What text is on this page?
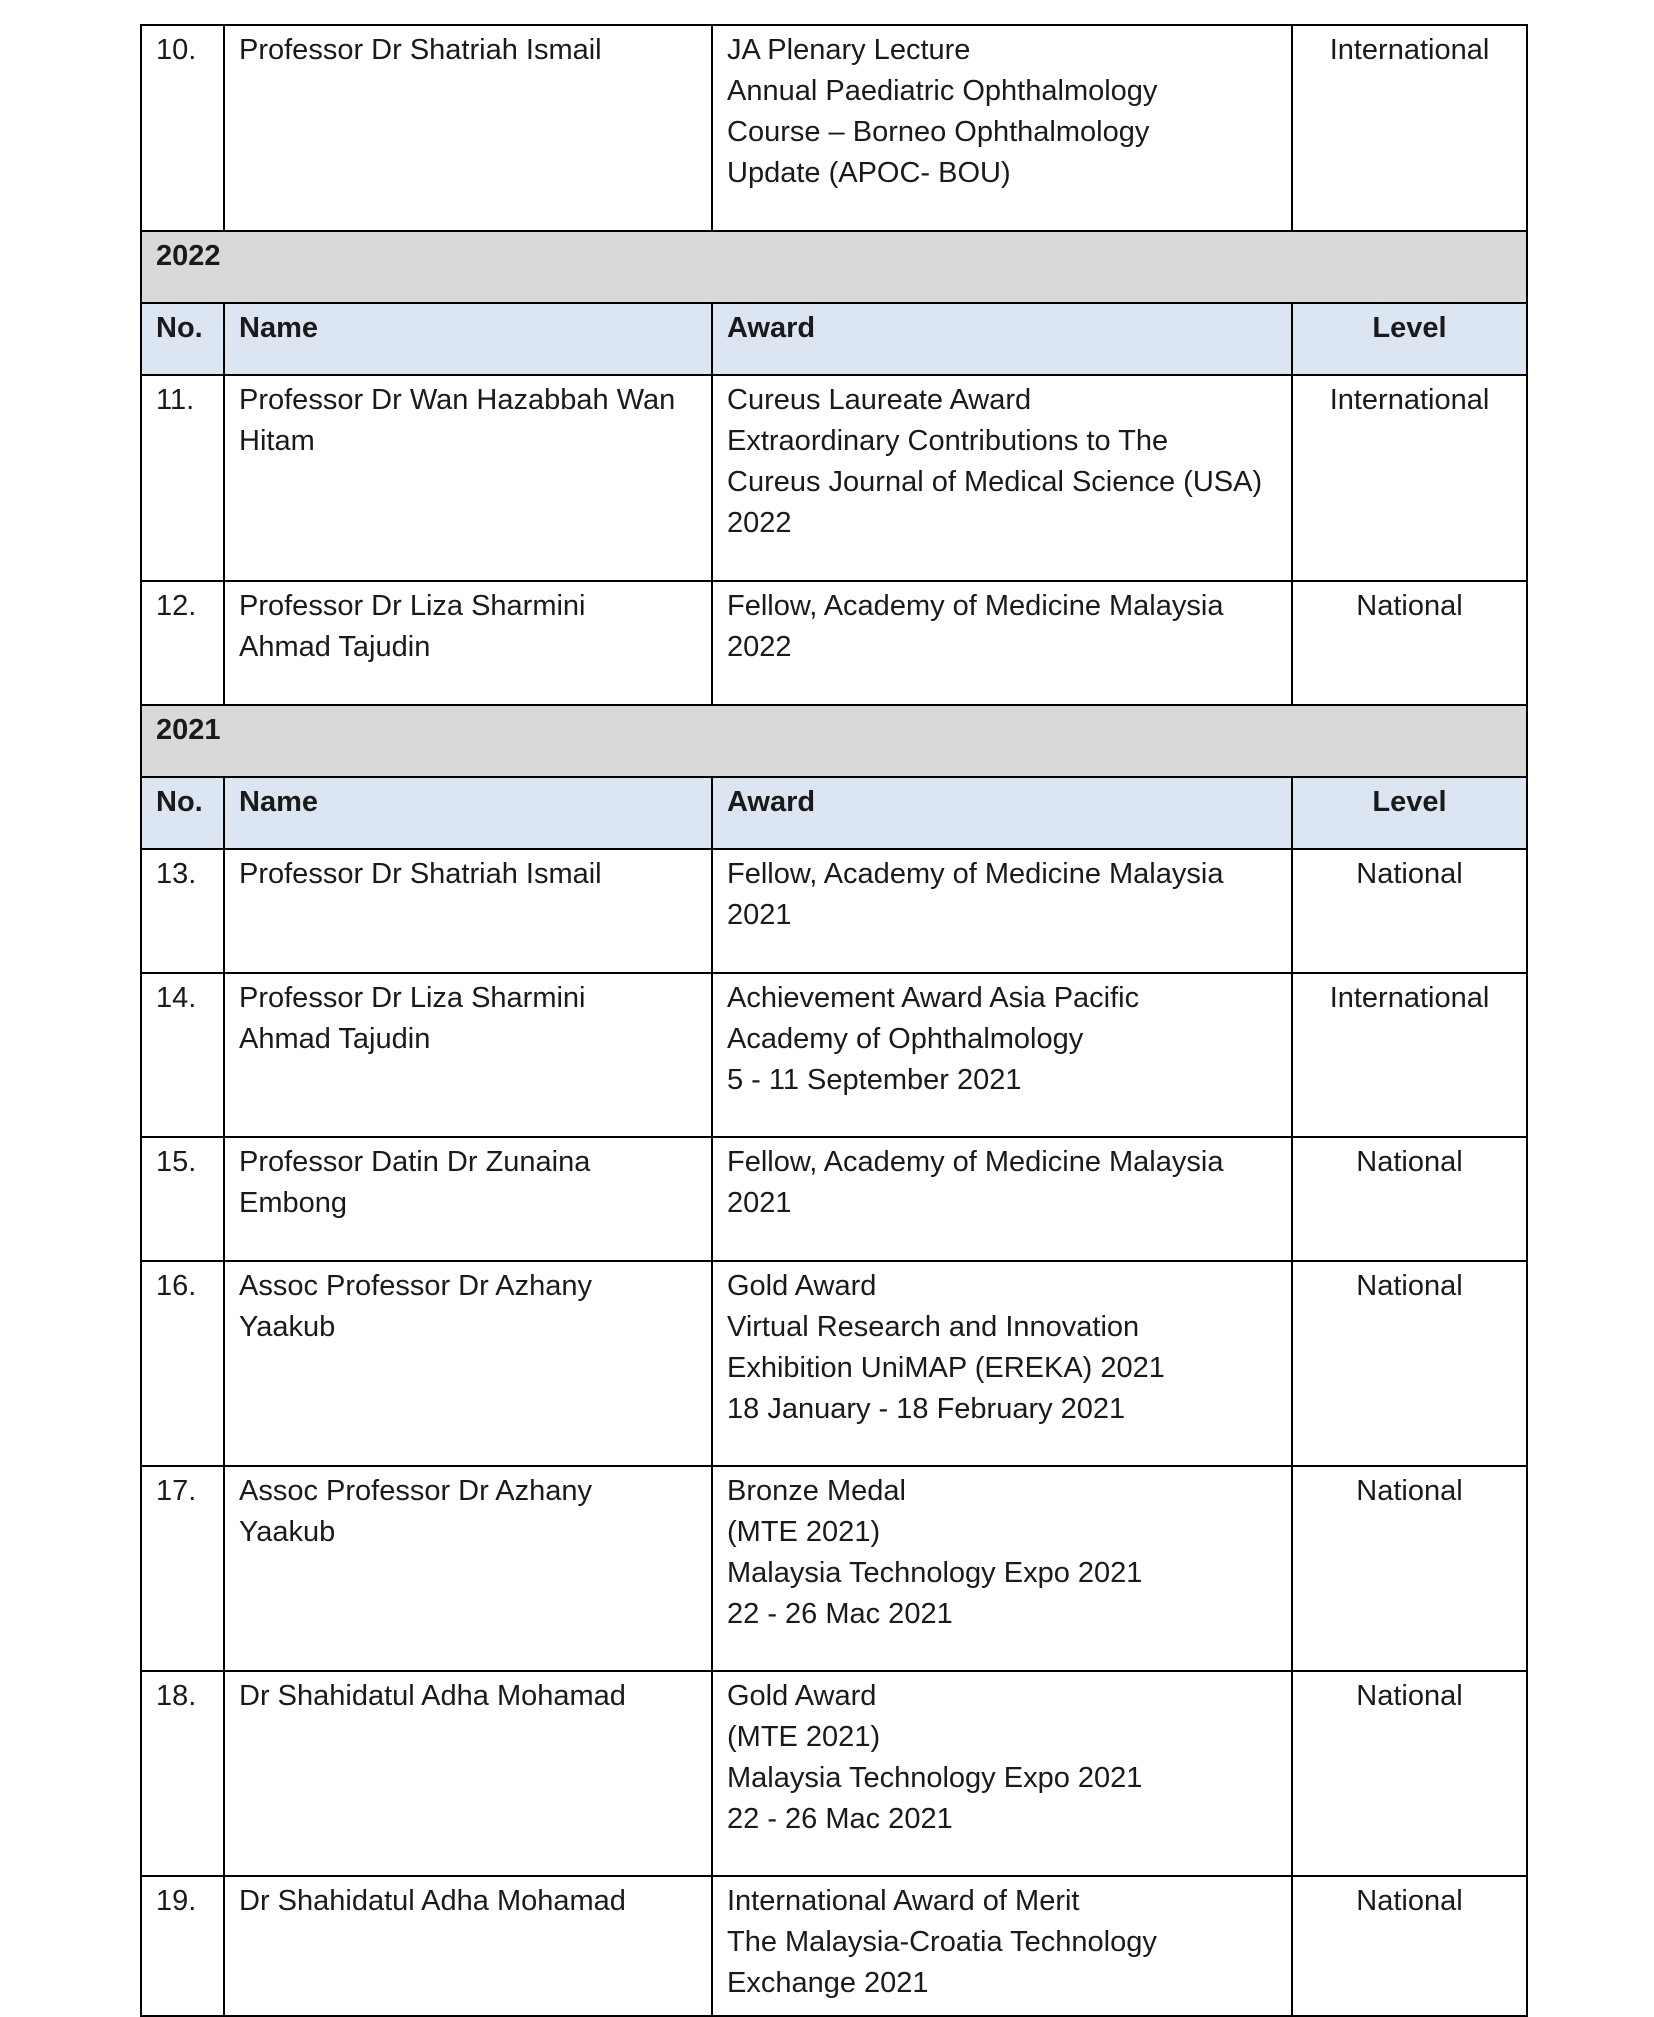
10.	Professor Dr Shatriah Ismail	JA Plenary Lecture
Annual Paediatric Ophthalmology
Course – Borneo Ophthalmology
Update (APOC- BOU)	International
2022			
No.	Name	Award	Level
11.	Professor Dr Wan Hazabbah Wan
Hitam	Cureus Laureate Award
Extraordinary Contributions to The
Cureus Journal of Medical Science (USA)
2022	International
12.	Professor Dr Liza Sharmini
Ahmad Tajudin	Fellow, Academy of Medicine Malaysia
2022	National
2021			
No.	Name	Award	Level
13.	Professor Dr Shatriah Ismail	Fellow, Academy of Medicine Malaysia
2021	National
14.	Professor Dr Liza Sharmini
Ahmad Tajudin	Achievement Award Asia Pacific
Academy of Ophthalmology
5 - 11 September 2021	International
15.	Professor Datin Dr Zunaina
Embong	Fellow, Academy of Medicine Malaysia
2021	National
16.	Assoc Professor Dr Azhany
Yaakub	Gold Award
Virtual Research and Innovation
Exhibition UniMAP (EREKA) 2021
18 January - 18 February 2021	National
17.	Assoc Professor Dr Azhany
Yaakub	Bronze Medal
(MTE 2021)
Malaysia Technology Expo 2021
22 - 26 Mac 2021	National
18.	Dr Shahidatul Adha Mohamad	Gold Award
(MTE 2021)
Malaysia Technology Expo 2021
22 - 26 Mac 2021	National
19.	Dr Shahidatul Adha Mohamad	International Award of Merit
The Malaysia-Croatia Technology
Exchange 2021	National
